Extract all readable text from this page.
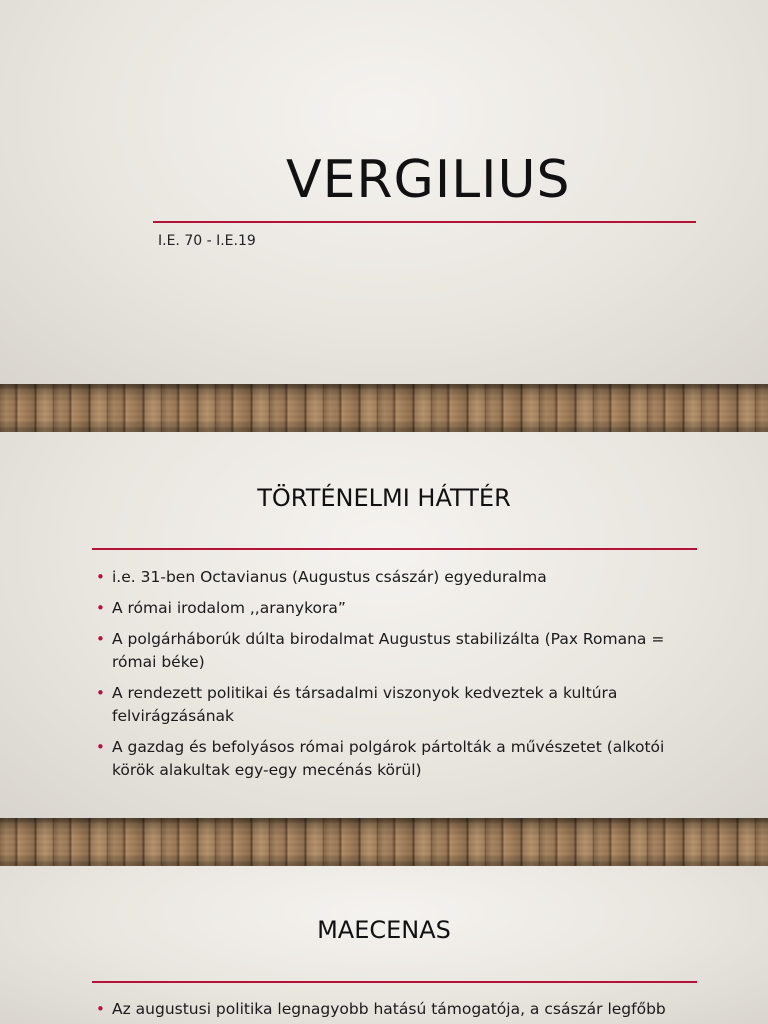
VERGILIUS
I.E. 70 - I.E.19
TÖRTÉNELMI HÁTTÉR
• i.e. 31-ben Octavianus (Augustus császár) egyeduralma
• A római irodalom ,,aranykora”
• A polgárháborúk dúlta birodalmat Augustus stabilizálta (Pax Romana = római béke)
• A rendezett politikai és társadalmi viszonyok kedveztek a kultúra felvirágzásának
• A gazdag és befolyásos római polgárok pártolták a művészetet (alkotói körök alakultak egy-egy mecénás körül)
MAECENAS
• Az augustusi politika legnagyobb hatású támogatója, a császár legfőbb
